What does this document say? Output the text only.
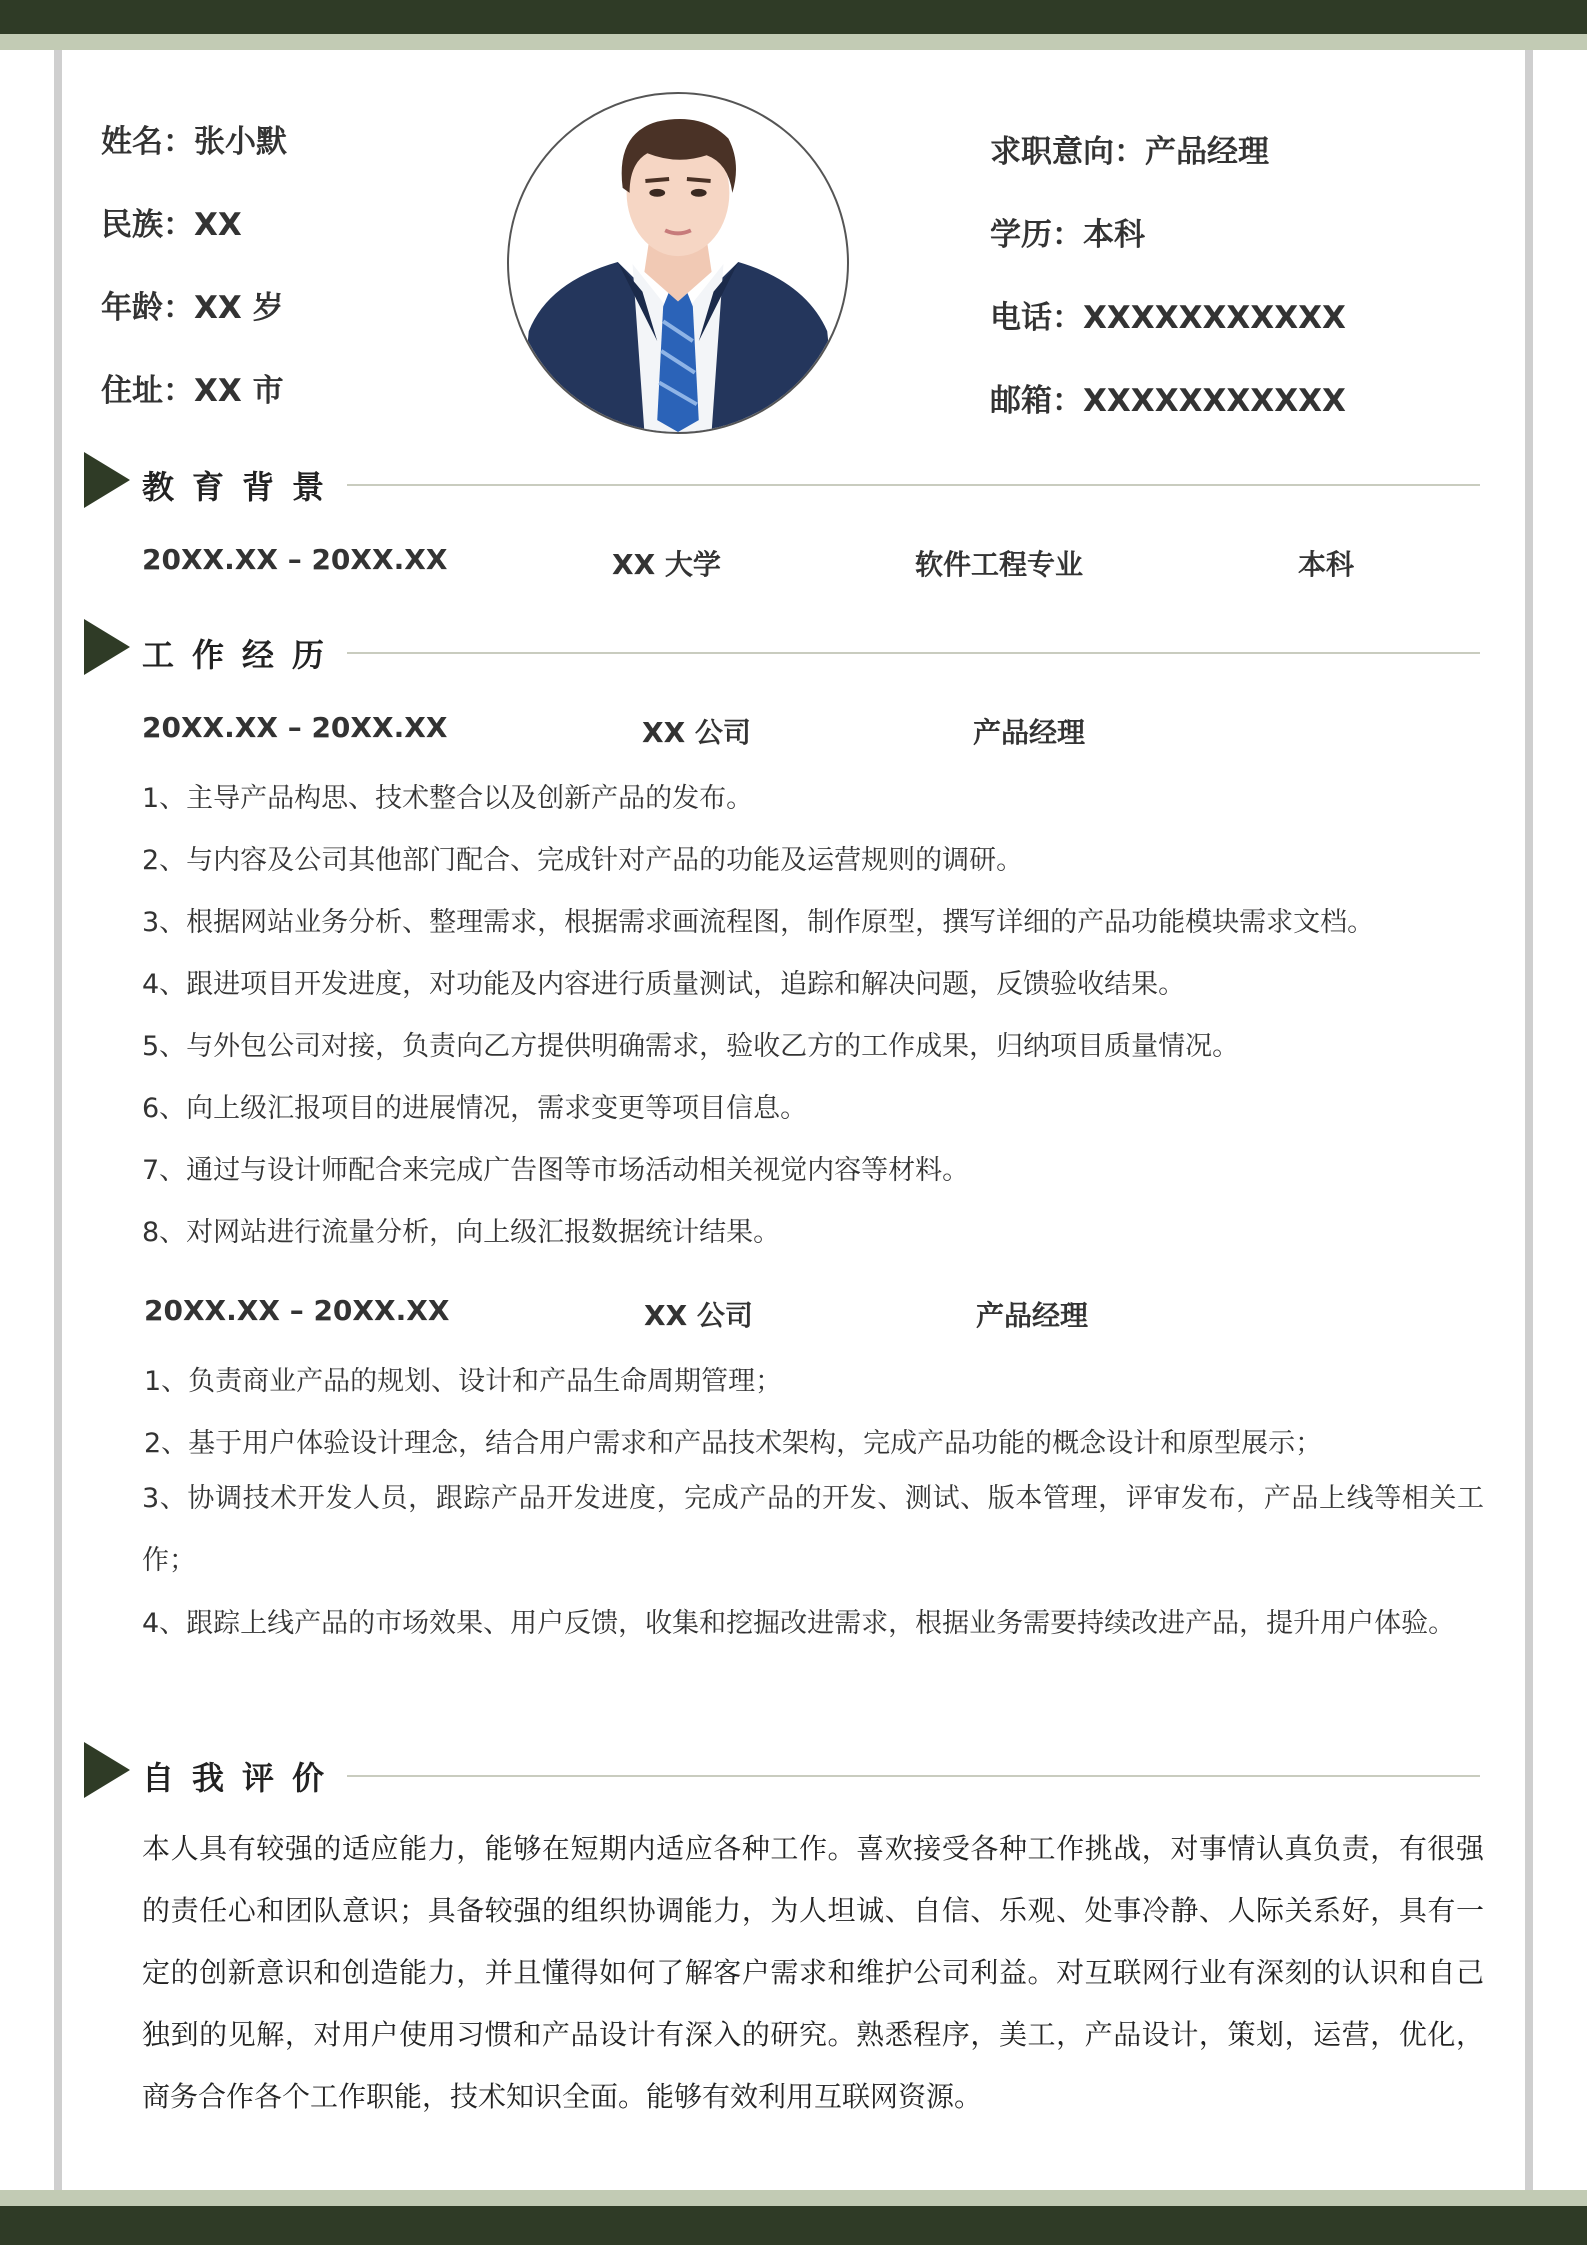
姓名：张小默
民族：XX
年龄：XX 岁
住址：XX 市
求职意向：产品经理
学历：本科
电话：XXXXXXXXXXX
邮箱：XXXXXXXXXXX
教育背景
20XX.XX – 20XX.XX	XX 大学	软件工程专业	本科
工作经历
20XX.XX – 20XX.XX	XX 公司	产品经理
1、主导产品构思、技术整合以及创新产品的发布。
2、与内容及公司其他部门配合、完成针对产品的功能及运营规则的调研。
3、根据网站业务分析、整理需求，根据需求画流程图，制作原型，撰写详细的产品功能模块需求文档。
4、跟进项目开发进度，对功能及内容进行质量测试，追踪和解决问题，反馈验收结果。
5、与外包公司对接，负责向乙方提供明确需求，验收乙方的工作成果，归纳项目质量情况。
6、向上级汇报项目的进展情况，需求变更等项目信息。
7、通过与设计师配合来完成广告图等市场活动相关视觉内容等材料。
8、对网站进行流量分析，向上级汇报数据统计结果。
20XX.XX – 20XX.XX	XX 公司	产品经理
1、负责商业产品的规划、设计和产品生命周期管理；
2、基于用户体验设计理念，结合用户需求和产品技术架构，完成产品功能的概念设计和原型展示；

3、协调技术开发人员，跟踪产品开发进度，完成产品的开发、测试、版本管理，评审发布，产品上线等相关工作；

4、跟踪上线产品的市场效果、用户反馈，收集和挖掘改进需求，根据业务需要持续改进产品，提升用户体验。

自我评价

本人具有较强的适应能力，能够在短期内适应各种工作。喜欢接受各种工作挑战，对事情认真负责，有很强的责任心和团队意识；具备较强的组织协调能力，为人坦诚、自信、乐观、处事冷静、人际关系好，具有一定的创新意识和创造能力，并且懂得如何了解客户需求和维护公司利益。对互联网行业有深刻的认识和自己独到的见解，对用户使用习惯和产品设计有深入的研究。熟悉程序，美工，产品设计，策划，运营，优化，商务合作各个工作职能，技术知识全面。能够有效利用互联网资源。
